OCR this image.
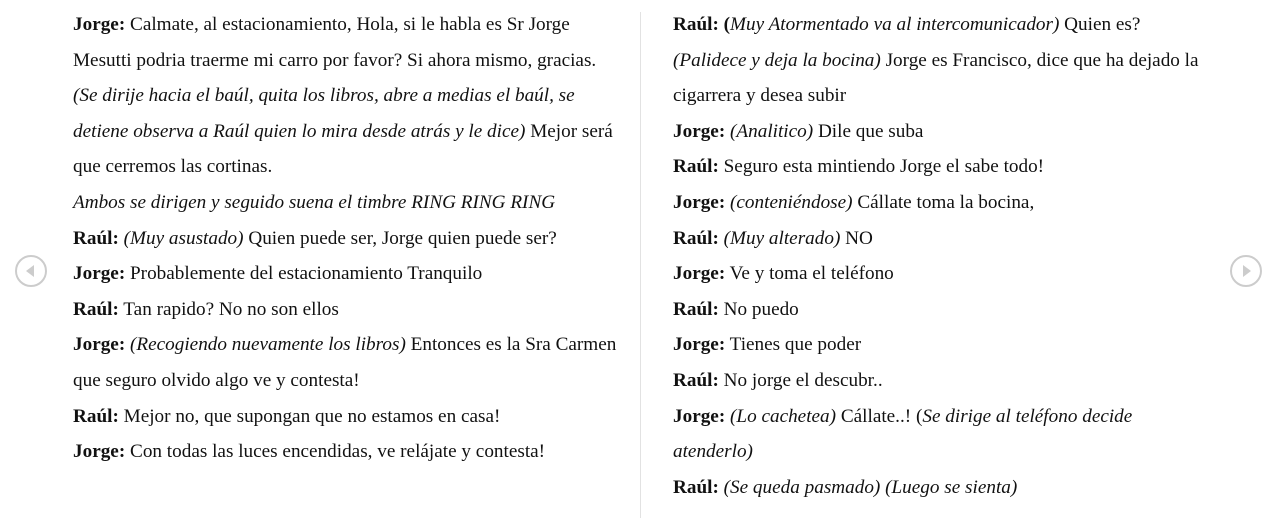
Jorge: Calmate, al estacionamiento, Hola, si le habla es Sr Jorge Mesutti podria traerme mi carro por favor? Si ahora mismo, gracias. (Se dirije hacia el baúl, quita los libros, abre a medias el baúl, se detiene observa a Raúl quien lo mira desde atrás y le dice) Mejor será que cerremos las cortinas.

Ambos se dirigen y seguido suena el timbre RING RING RING

Raúl: (Muy asustado) Quien puede ser, Jorge quien puede ser?

Jorge: Probablemente del estacionamiento Tranquilo

Raúl: Tan rapido? No no son ellos

Jorge: (Recogiendo nuevamente los libros) Entonces es la Sra Carmen que seguro olvido algo ve y contesta!

Raúl: Mejor no, que supongan que no estamos en casa!

Jorge: Con todas las luces encendidas, ve relájate y contesta!

Raúl: (Muy Atormentado va al intercomunicador) Quien es? (Palidece y deja la bocina) Jorge es Francisco, dice que ha dejado la cigarrera y desea subir

Jorge: (Analitico) Dile que suba

Raúl: Seguro esta mintiendo Jorge el sabe todo!

Jorge: (conteniéndose) Cállate toma la bocina,

Raúl: (Muy alterado) NO

Jorge: Ve y toma el teléfono

Raúl: No puedo

Jorge: Tienes que poder

Raúl: No jorge el descubr..

Jorge: (Lo cachetea) Cállate..! (Se dirige al teléfono decide atenderlo)

Raúl: (Se queda pasmado) (Luego se sienta)
